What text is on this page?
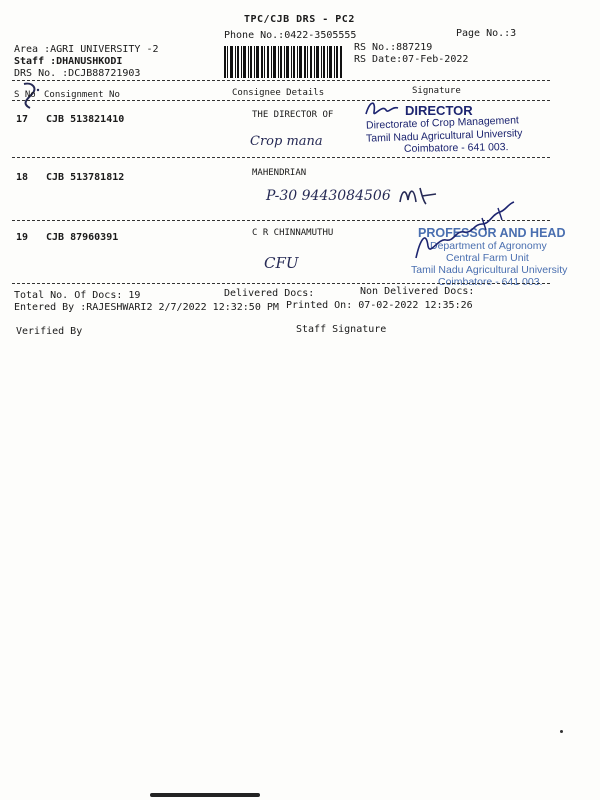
TPC/CJB DRS - PC2
Phone No.:0422-3505555	Page No.:3
Area :AGRI UNIVERSITY -2
Staff :DHANUSHKODI
DRS No. :DCJB88721903
RS No.:887219
RS Date:07-Feb-2022
S No Consignment No	Consignee Details	Signature
17 CJB 513821410	THE DIRECTOR OF
Crop mana
DIRECTOR
Directorate of Crop Management
Tamil Nadu Agricultural University
Coimbatore - 641 003.
18 CJB 513781812	MAHENDRIAN
P-30 9443084506
19 CJB 87960391	C R CHINNAMUTHU
CFU
PROFESSOR AND HEAD
Department of Agronomy
Central Farm Unit
Tamil Nadu Agricultural University
Coimbatore - 641 003.
Total No. Of Docs: 19	Delivered Docs:	Non Delivered Docs:
Entered By :RAJESHWARI2 2/7/2022 12:32:50 PM Printed On: 07-02-2022 12:35:26
Verified By	Staff Signature
